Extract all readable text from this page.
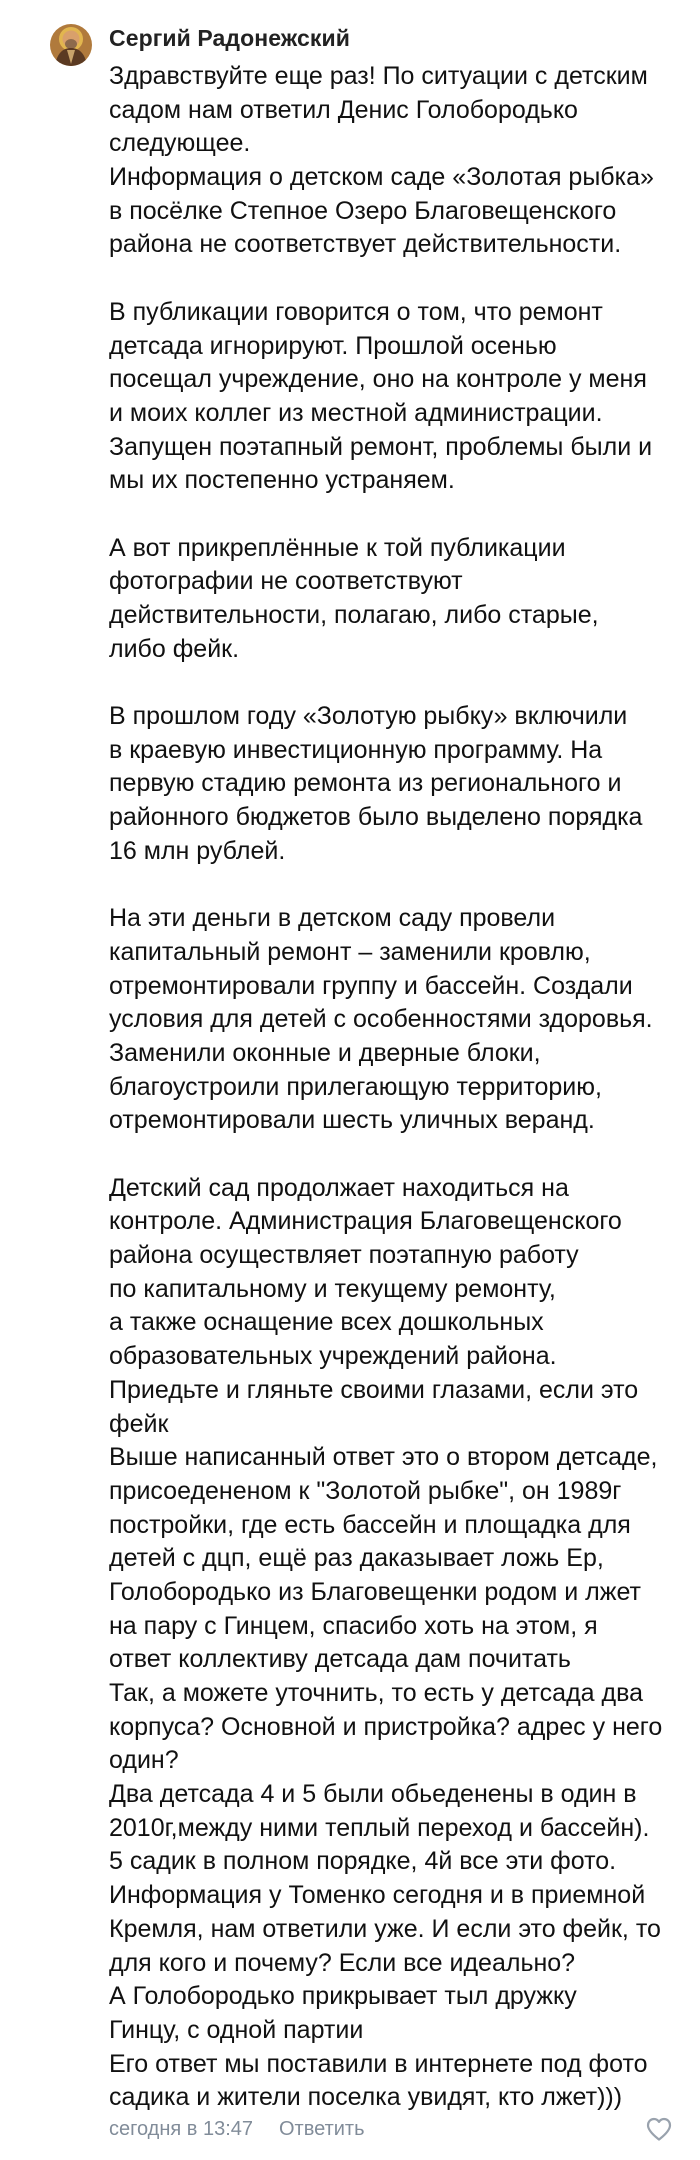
Сергий Радонежский
Здравствуйте еще раз! По ситуации с детским
садом нам ответил Денис Голобородько
следующее.
Информация о детском саде «Золотая рыбка»
в посёлке Степное Озеро Благовещенского
района не соответствует действительности.
В публикации говорится о том, что ремонт
детсада игнорируют. Прошлой осенью
посещал учреждение, оно на контроле у меня
и моих коллег из местной администрации.
Запущен поэтапный ремонт, проблемы были и
мы их постепенно устраняем.
А вот прикреплённые к той публикации
фотографии не соответствуют
действительности, полагаю, либо старые,
либо фейк.
В прошлом году «Золотую рыбку» включили
в краевую инвестиционную программу. На
первую стадию ремонта из регионального и
районного бюджетов было выделено порядка
16 млн рублей.
На эти деньги в детском саду провели
капитальный ремонт – заменили кровлю,
отремонтировали группу и бассейн. Создали
условия для детей с особенностями здоровья.
Заменили оконные и дверные блоки,
благоустроили прилегающую территорию,
отремонтировали шесть уличных веранд.
Детский сад продолжает находиться на
контроле. Администрация Благовещенского
района осуществляет поэтапную работу
по капитальному и текущему ремонту,
а также оснащение всех дошкольных
образовательных учреждений района.
Приедьте и гляньте своими глазами, если это
фейк
Выше написанный ответ это о втором детсаде,
присоедененом к "Золотой рыбке", он 1989г
постройки, где есть бассейн и площадка для
детей с дцп, ещё раз даказывает ложь Ер,
Голобородько из Благовещенки родом и лжет
на пару с Гинцем, спасибо хоть на этом, я
ответ коллективу детсада дам почитать
Так, а можете уточнить, то есть у детсада два
корпуса? Основной и пристройка? адрес у него
один?
Два детсада 4 и 5 были обьеденены в один в
2010г,между ними теплый переход и бассейн).
5 садик в полном порядке, 4й все эти фото.
Информация у Томенко сегодня и в приемной
Кремля, нам ответили уже. И если это фейк, то
для кого и почему? Если все идеально?
А Голобородько прикрывает тыл дружку
Гинцу, с одной партии
Его ответ мы поставили в интернете под фото
садика и жители поселка увидят, кто лжет)))
сегодня в 13:47 Ответить
